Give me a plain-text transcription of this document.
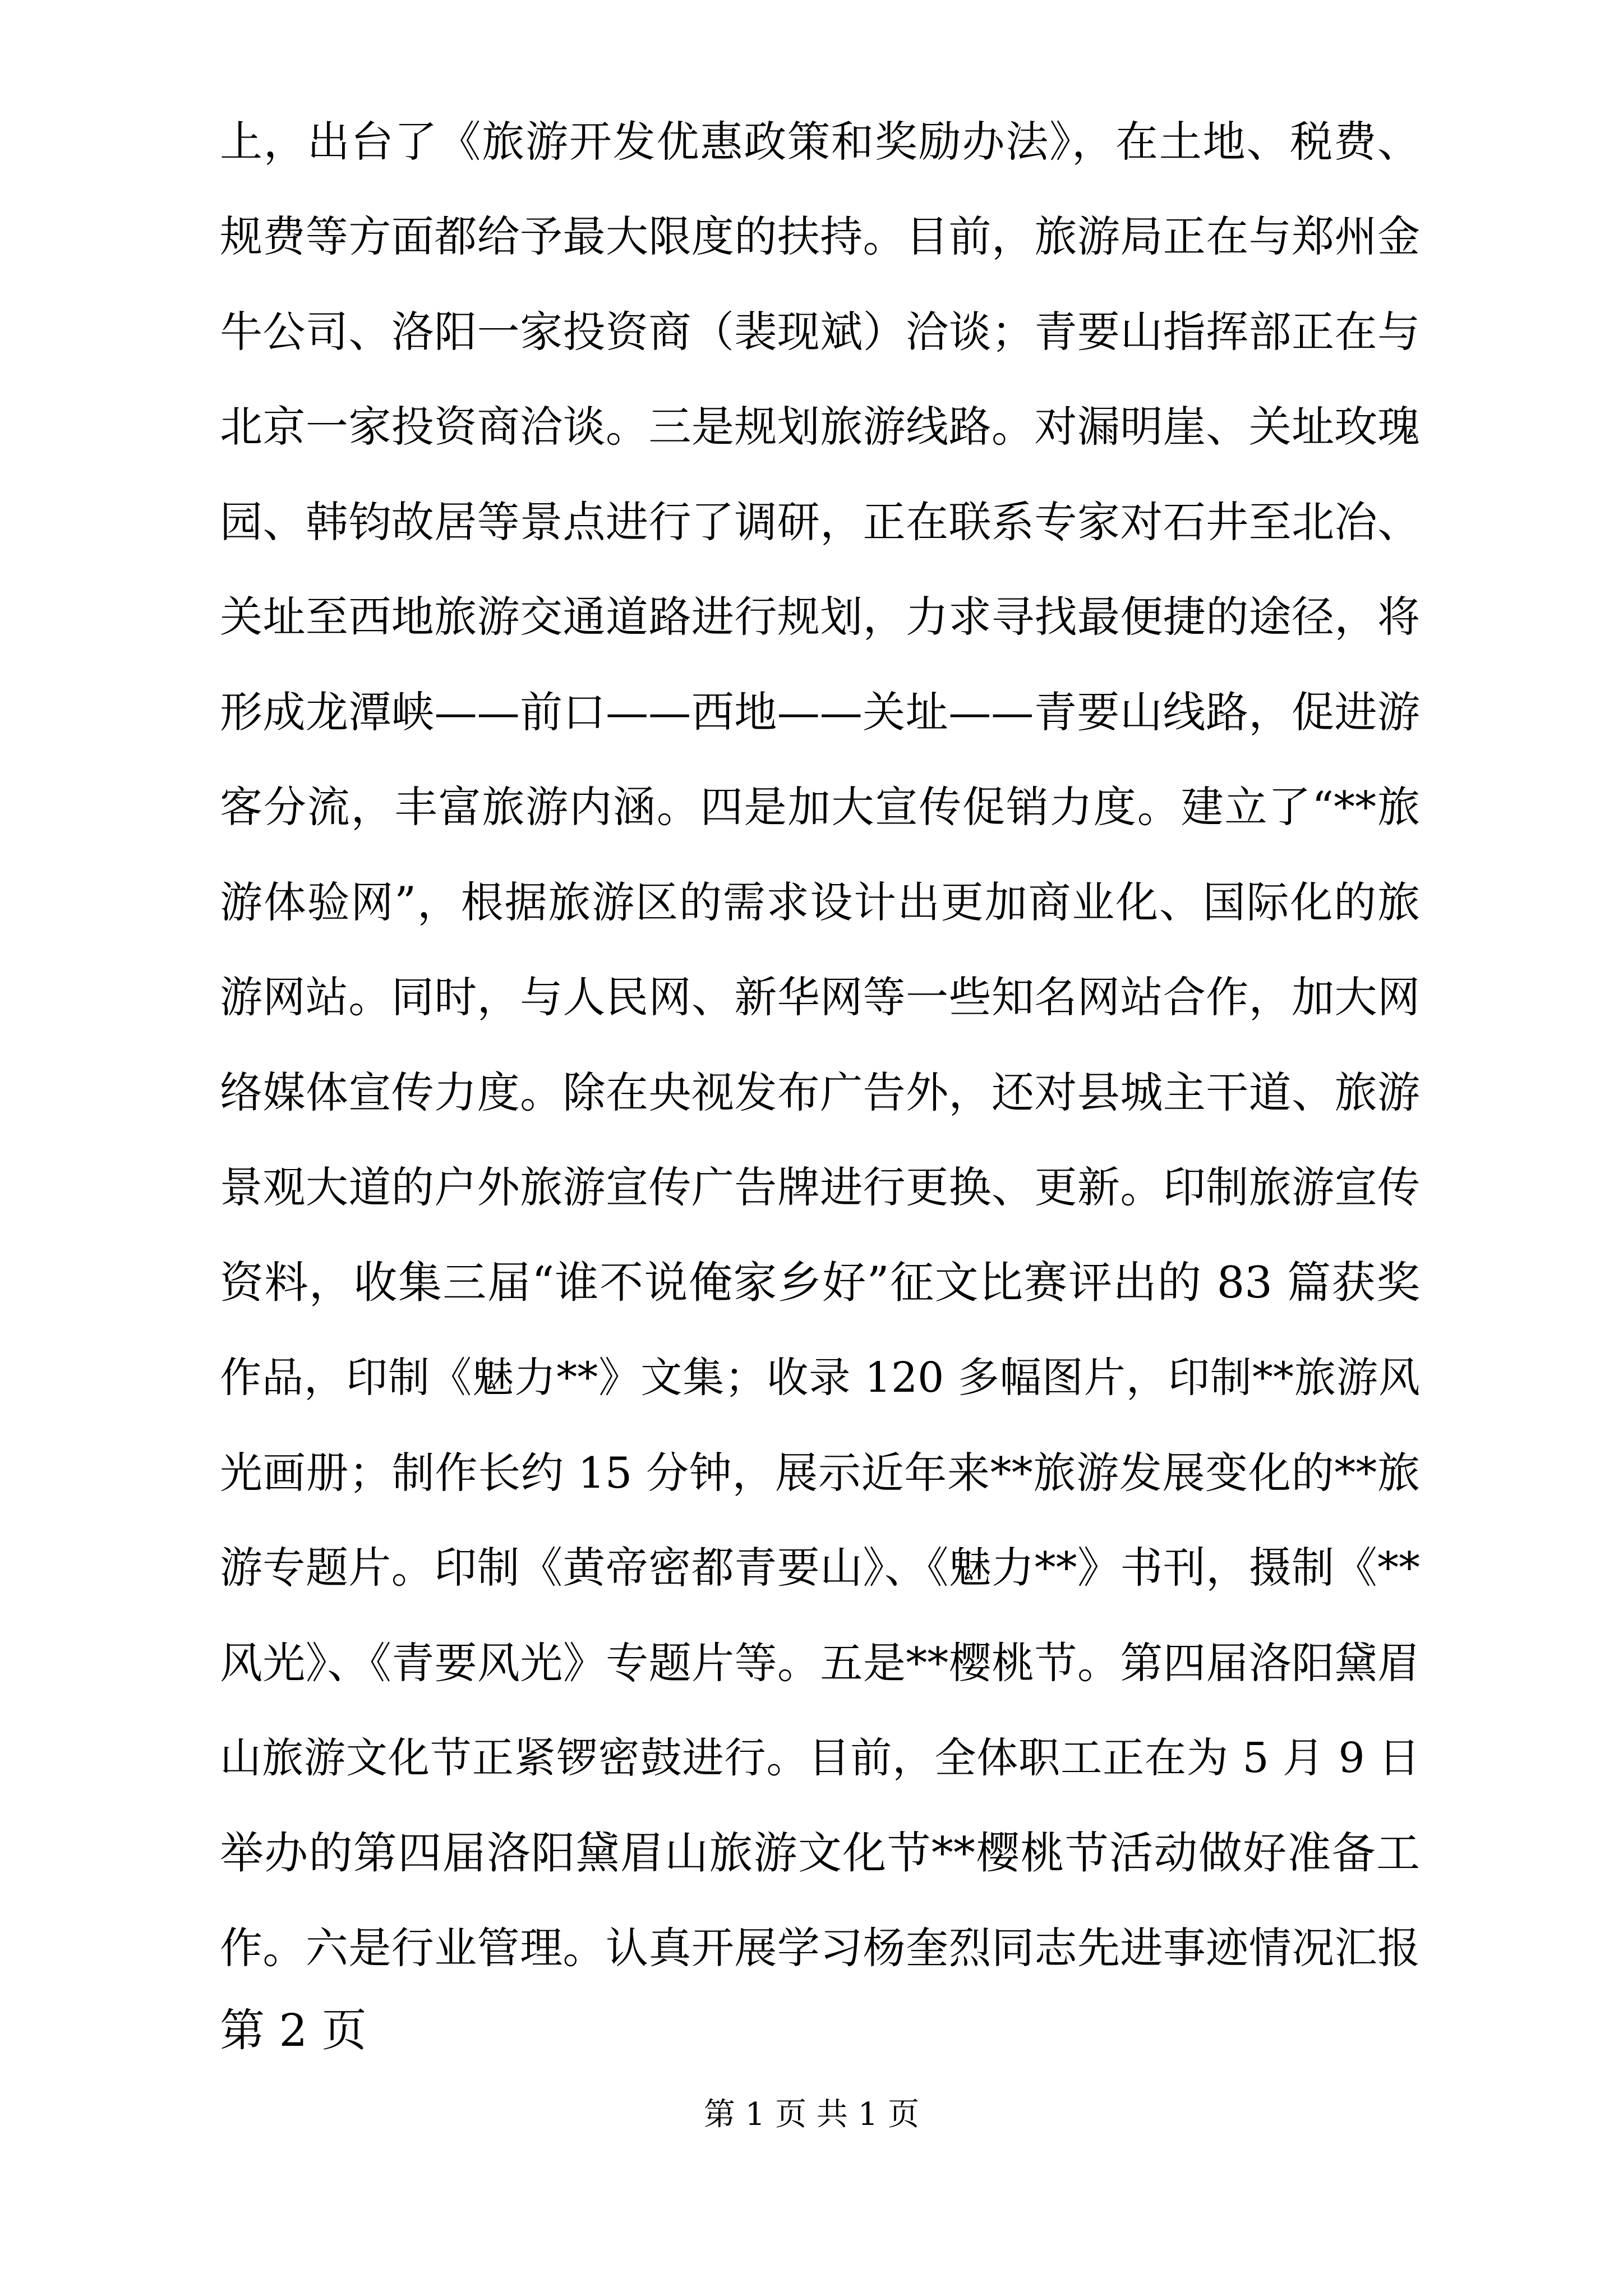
上，出台了《旅游开发优惠政策和奖励办法》，在土地、税费、
规费等方面都给予最大限度的扶持。目前，旅游局正在与郑州金
牛公司、洛阳一家投资商（裴现斌）洽谈；青要山指挥部正在与
北京一家投资商洽谈。三是规划旅游线路。对漏明崖、关址玫瑰
园、韩钧故居等景点进行了调研，正在联系专家对石井至北冶、
关址至西地旅游交通道路进行规划，力求寻找最便捷的途径，将
形成龙潭峡——前口——西地——关址——青要山线路，促进游
客分流，丰富旅游内涵。四是加大宣传促销力度。建立了“**旅
游体验网”，根据旅游区的需求设计出更加商业化、国际化的旅
游网站。同时，与人民网、新华网等一些知名网站合作，加大网
络媒体宣传力度。除在央视发布广告外，还对县城主干道、旅游
景观大道的户外旅游宣传广告牌进行更换、更新。印制旅游宣传
资料，收集三届“谁不说俺家乡好”征文比赛评出的 83 篇获奖
作品，印制《魅力**》文集；收录 120 多幅图片，印制**旅游风
光画册；制作长约 15 分钟，展示近年来**旅游发展变化的**旅
游专题片。印制《黄帝密都青要山》、《魅力**》书刊，摄制《**
风光》、《青要风光》专题片等。五是**樱桃节。第四届洛阳黛眉
山旅游文化节正紧锣密鼓进行。目前，全体职工正在为 5 月 9 日
举办的第四届洛阳黛眉山旅游文化节**樱桃节活动做好准备工
作。六是行业管理。认真开展学习杨奎烈同志先进事迹情况汇报
第 2 页
第 1 页 共 1 页
